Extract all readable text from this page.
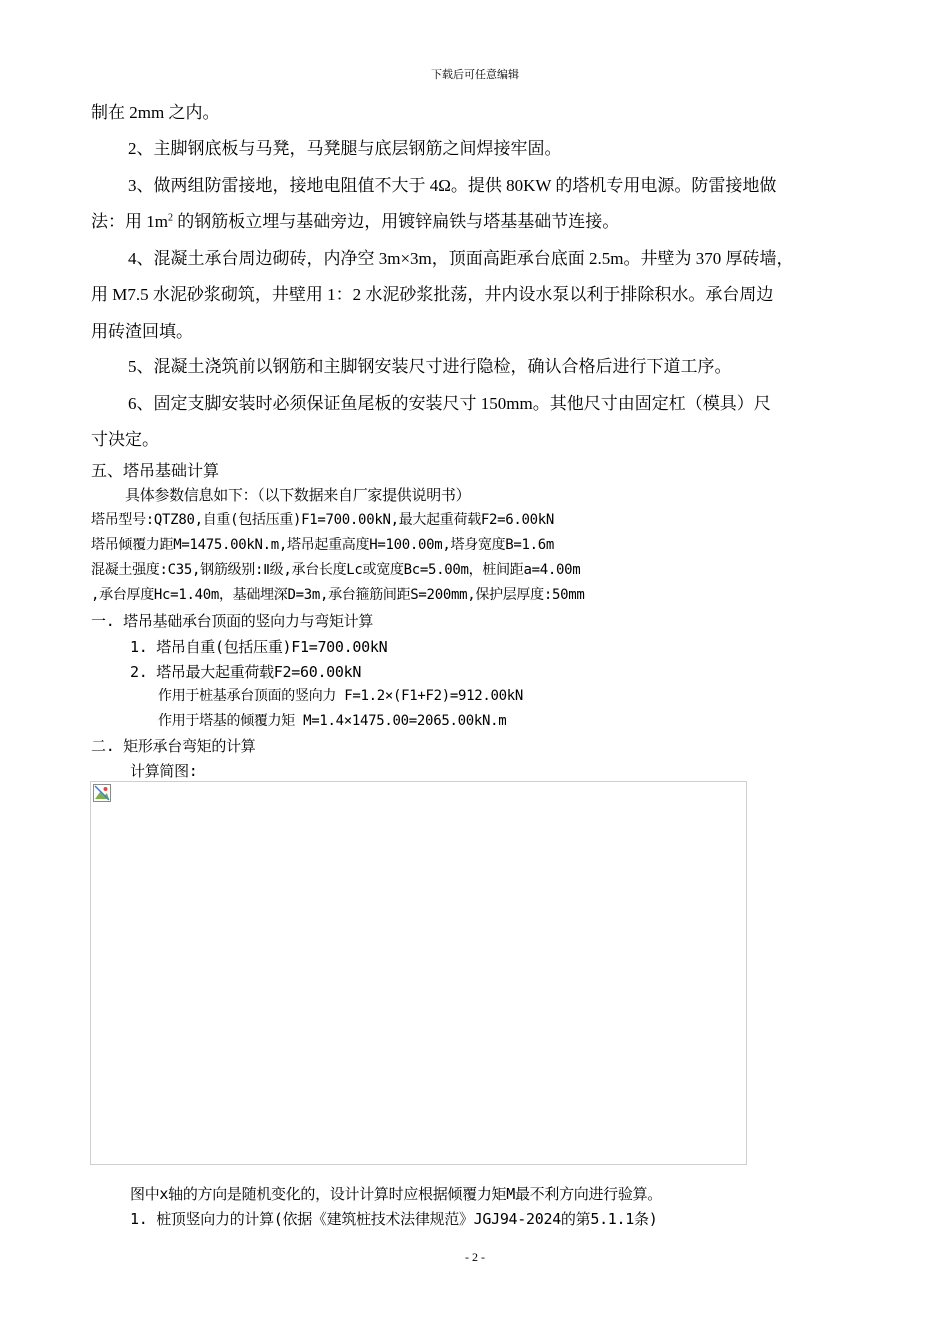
下载后可任意编辑
制在 2mm 之内。
2、主脚钢底板与马凳，马凳腿与底层钢筋之间焊接牢固。
3、做两组防雷接地，接地电阻值不大于 4Ω。提供 80KW 的塔机专用电源。防雷接地做
法：用 $1m^2$ 的钢筋板立埋与基础旁边，用镀锌扁铁与塔基基础节连接。
4、混凝土承台周边砌砖，内净空 3m×3m，顶面高距承台底面 2.5m。井壁为 370 厚砖墙，
用 M7.5 水泥砂浆砌筑，井壁用 1：2 水泥砂浆批荡，井内设水泵以利于排除积水。承台周边
用砖渣回填。
5、混凝土浇筑前以钢筋和主脚钢安装尺寸进行隐检，确认合格后进行下道工序。
6、固定支脚安装时必须保证鱼尾板的安装尺寸 150mm。其他尺寸由固定杠（模具）尺
寸决定。
五、塔吊基础计算
具体参数信息如下：（以下数据来自厂家提供说明书）
塔吊型号:QTZ80,自重(包括压重)F1=700.00kN,最大起重荷载F2=6.00kN
塔吊倾覆力距M=1475.00kN.m,塔吊起重高度H=100.00m,塔身宽度B=1.6m
混凝土强度:C35,钢筋级别:Ⅱ级,承台长度Lc或宽度Bc=5.00m，桩间距a=4.00m
,承台厚度Hc=1.40m，基础埋深D=3m,承台箍筋间距S=200mm,保护层厚度:50mm
一. 塔吊基础承台顶面的竖向力与弯矩计算
1. 塔吊自重(包括压重)F1=700.00kN
2. 塔吊最大起重荷载F2=60.00kN
作用于桩基承台顶面的竖向力 F=1.2×(F1+F2)=912.00kN
作用于塔基的倾覆力矩 M=1.4×1475.00=2065.00kN.m
二. 矩形承台弯矩的计算
计算简图:
图中x轴的方向是随机变化的，设计计算时应根据倾覆力矩M最不利方向进行验算。
1. 桩顶竖向力的计算(依据《建筑桩技术法律规范》JGJ94-2024的第5.1.1条)
- 2 -
